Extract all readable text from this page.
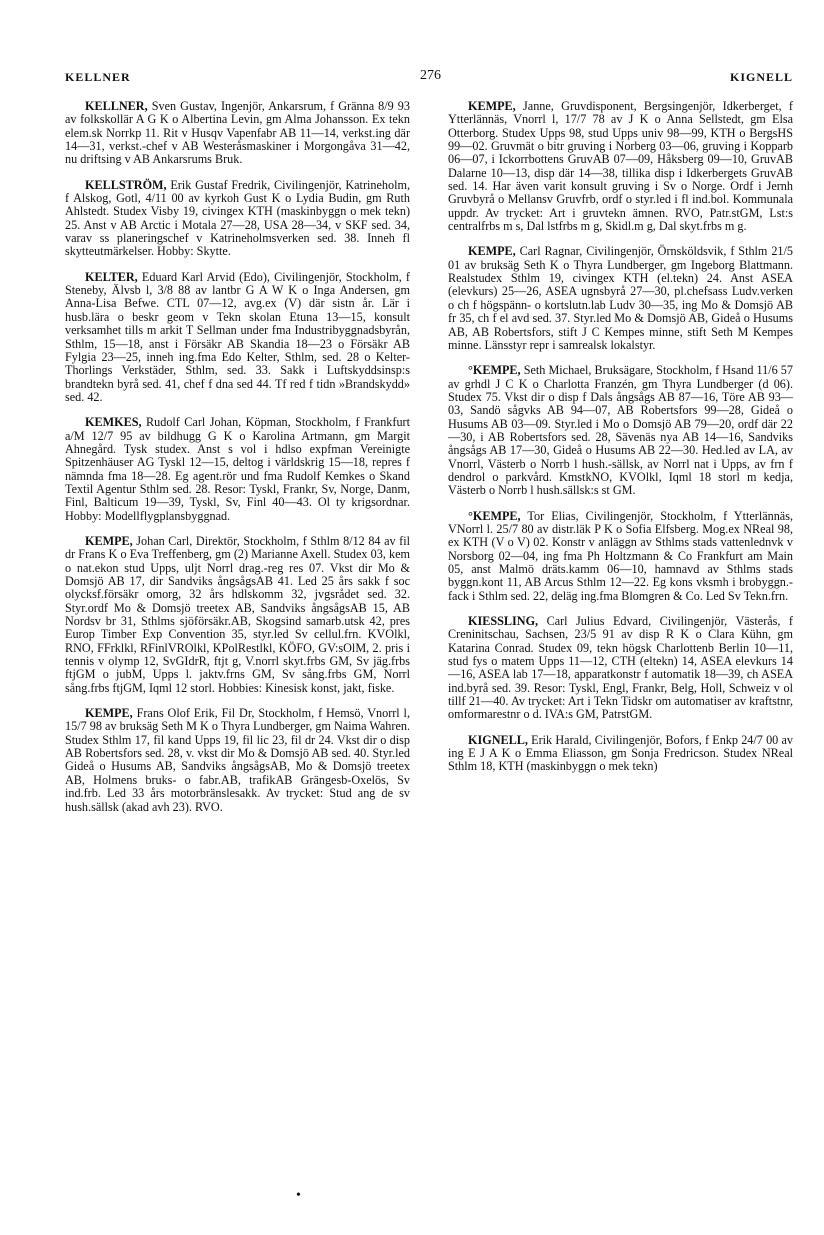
KELLNER	276	KIGNELL

KELLNER, Sven Gustav, Ingenjör, Ankarsrum, f Gränna 8/9 93 av folkskollär A G K o Albertina Levin, gm Alma Johansson. Ex tekn elem.sk Norrkp 11. Rit v Husqv Vapenfabr AB 11—14, verkst.ing där 14—31, verkst.-chef v AB Westeråsmaskiner i Morgongåva 31—42, nu driftsing v AB Ankarsrums Bruk.

KELLSTRÖM, Erik Gustaf Fredrik, Civilingenjör, Katrineholm, f Alskog, Gotl, 4/11 00 av kyrkoh Gust K o Lydia Budin, gm Ruth Ahlstedt. Studex Visby 19, civingex KTH (maskinbyggn o mek tekn) 25. Anst v AB Arctic i Motala 27—28, USA 28—34, v SKF sed. 34, varav ss planeringschef v Katrineholmsverken sed. 38. Inneh fl skytteutmärkelser. Hobby: Skytte.

KELTER, Eduard Karl Arvid (Edo), Civilingenjör, Stockholm, f Steneby, Älvsb l, 3/8 88 av lantbr G A W K o Inga Andersen, gm Anna-Lisa Befwe. CTL 07—12, avg.ex (V) där sistn år. Lär i husb.lära o beskr geom v Tekn skolan Etuna 13—15, konsult verksamhet tills m arkit T Sellman under fma Industribyggnadsbyrån, Sthlm, 15—18, anst i Försäkr AB Skandia 18—23 o Försäkr AB Fylgia 23—25, inneh ing.fma Edo Kelter, Sthlm, sed. 28 o Kelter-Thorlings Verkstäder, Sthlm, sed. 33. Sakk i Luftskyddsinsp:s brandtekn byrå sed. 41, chef f dna sed 44. Tf red f tidn »Brandskydd» sed. 42.

KEMKES, Rudolf Carl Johan, Köpman, Stockholm, f Frankfurt a/M 12/7 95 av bildhugg G K o Karolina Artmann, gm Margit Ahnegård. Tysk studex. Anst s vol i hdlso expfman Vereinigte Spitzenhäuser AG Tyskl 12—15, deltog i världskrig 15—18, repres f nämnda fma 18—28. Eg agent.rör und fma Rudolf Kemkes o Skand Textil Agentur Sthlm sed. 28. Resor: Tyskl, Frankr, Sv, Norge, Danm, Finl, Balticum 19—39, Tyskl, Sv, Finl 40—43. Ol ty krigsordnar. Hobby: Modellflygplansbyggnad.

KEMPE, Johan Carl, Direktör, Stockholm, f Sthlm 8/12 84 av fil dr Frans K o Eva Treffenberg, gm (2) Marianne Axell. Studex 03, kem o nat.ekon stud Upps, uljt Norrl drag.-reg res 07. Vkst dir Mo & Domsjö AB 17, dir Sandviks ångsågsAB 41. Led 25 års sakk f soc olycksf.försäkr omorg, 32 års hdlskomm 32, jvgsrådet sed. 32. Styr.ordf Mo & Domsjö treetex AB, Sandviks ångsågsAB 15, AB Nordsv br 31, Sthlms sjöförsäkr.AB, Skogsind samarb.utsk 42, pres Europ Timber Exp Convention 35, styr.led Sv cellul.frn. KVOlkl, RNO, FFrklkl, RFinlVROlkl, KPolRestlkl, KÖFO, GV:sOlM, 2. pris i tennis v olymp 12, SvGIdrR, ftjt g, V.norrl skyt.frbs GM, Sv jäg.frbs ftjGM o jubM, Upps l. jaktv.frns GM, Sv sång.frbs GM, Norrl sång.frbs ftjGM, Iqml 12 storl. Hobbies: Kinesisk konst, jakt, fiske.

KEMPE, Frans Olof Erik, Fil Dr, Stockholm, f Hemsö, Vnorrl l, 15/7 98 av bruksäg Seth M K o Thyra Lundberger, gm Naima Wahren. Studex Sthlm 17, fil kand Upps 19, fil lic 23, fil dr 24. Vkst dir o disp AB Robertsfors sed. 28, v. vkst dir Mo & Domsjö AB sed. 40. Styr.led Gideå o Husums AB, Sandviks ångsågsAB, Mo & Domsjö treetex AB, Holmens bruks- o fabr.AB, trafikAB Grängesb-Oxelös, Sv ind.frb. Led 33 års motorbränslesakk. Av trycket: Stud ang de sv hush.sällsk (akad avh 23). RVO.

KEMPE, Janne, Gruvdisponent, Bergsingenjör, Idkerberget, f Ytterlännäs, Vnorrl l, 17/7 78 av J K o Anna Sellstedt, gm Elsa Otterborg. Studex Upps 98, stud Upps univ 98—99, KTH o BergsHS 99—02. Gruvmät o bitr gruving i Norberg 03—06, gruving i Kopparb 06—07, i Ickorrbottens GruvAB 07—09, Håksberg 09—10, GruvAB Dalarne 10—13, disp där 14—38, tillika disp i Idkerbergets GruvAB sed. 14. Har även varit konsult gruving i Sv o Norge. Ordf i Jernh Gruvbyrå o Mellansv Gruvfrb, ordf o styr.led i fl ind.bol. Kommunala uppdr. Av trycket: Art i gruvtekn ämnen. RVO, Patr.stGM, Lst:s centralfrbs m s, Dal lstfrbs m g, Skidl.m g, Dal skyt.frbs m g.

KEMPE, Carl Ragnar, Civilingenjör, Örnsköldsvik, f Sthlm 21/5 01 av bruksäg Seth K o Thyra Lundberger, gm Ingeborg Blattmann. Realstudex Sthlm 19, civingex KTH (el.tekn) 24. Anst ASEA (elevkurs) 25—26, ASEA ugnsbyrå 27—30, pl.chefsass Ludv.verken o ch f högspänn- o kortslutn.lab Ludv 30—35, ing Mo & Domsjö AB fr 35, ch f el avd sed. 37. Styr.led Mo & Domsjö AB, Gideå o Husums AB, AB Robertsfors, stift J C Kempes minne, stift Seth M Kempes minne. Länsstyr repr i samrealsk lokalstyr.

°KEMPE, Seth Michael, Bruksägare, Stockholm, f Hsand 11/6 57 av grhdl J C K o Charlotta Franzén, gm Thyra Lundberger (d 06). Studex 75. Vkst dir o disp f Dals ångsågs AB 87—16, Töre AB 93—03, Sandö sågvks AB 94—07, AB Robertsfors 99—28, Gideå o Husums AB 03—09. Styr.led i Mo o Domsjö AB 79—20, ordf där 22—30, i AB Robertsfors sed. 28, Sävenäs nya AB 14—16, Sandviks ångsågs AB 17—30, Gideå o Husums AB 22—30. Hed.led av LA, av Vnorrl, Västerb o Norrb l hush.-sällsk, av Norrl nat i Upps, av frn f dendrol o parkvård. KmstkNO, KVOlkl, Iqml 18 storl m kedja, Västerb o Norrb l hush.sällsk:s st GM.

°KEMPE, Tor Elias, Civilingenjör, Stockholm, f Ytterlännäs, VNorrl l. 25/7 80 av distr.läk P K o Sofia Elfsberg. Mog.ex NReal 98, ex KTH (V o V) 02. Konstr v anläggn av Sthlms stads vattenlednvk v Norsborg 02—04, ing fma Ph Holtzmann & Co Frankfurt am Main 05, anst Malmö dräts.kamm 06—10, hamnavd av Sthlms stads byggn.kont 11, AB Arcus Sthlm 12—22. Eg kons vksmh i brobyggn.-fack i Sthlm sed. 22, deläg ing.fma Blomgren & Co. Led Sv Tekn.frn.

KIESSLING, Carl Julius Edvard, Civilingenjör, Västerås, f Creninitschau, Sachsen, 23/5 91 av disp R K o Clara Kühn, gm Katarina Conrad. Studex 09, tekn högsk Charlottenb Berlin 10—11, stud fys o matem Upps 11—12, CTH (eltekn) 14, ASEA elevkurs 14—16, ASEA lab 17—18, apparatkonstr f automatik 18—39, ch ASEA ind.byrå sed. 39. Resor: Tyskl, Engl, Frankr, Belg, Holl, Schweiz v ol tillf 21—40. Av trycket: Art i Tekn Tidskr om automatiser av kraftstnr, omformarestnr o d. IVA:s GM, PatrstGM.

KIGNELL, Erik Harald, Civilingenjör, Bofors, f Enkp 24/7 00 av ing E J A K o Emma Eliasson, gm Sonja Fredricson. Studex NReal Sthlm 18, KTH (maskinbyggn o mek tekn)

•
